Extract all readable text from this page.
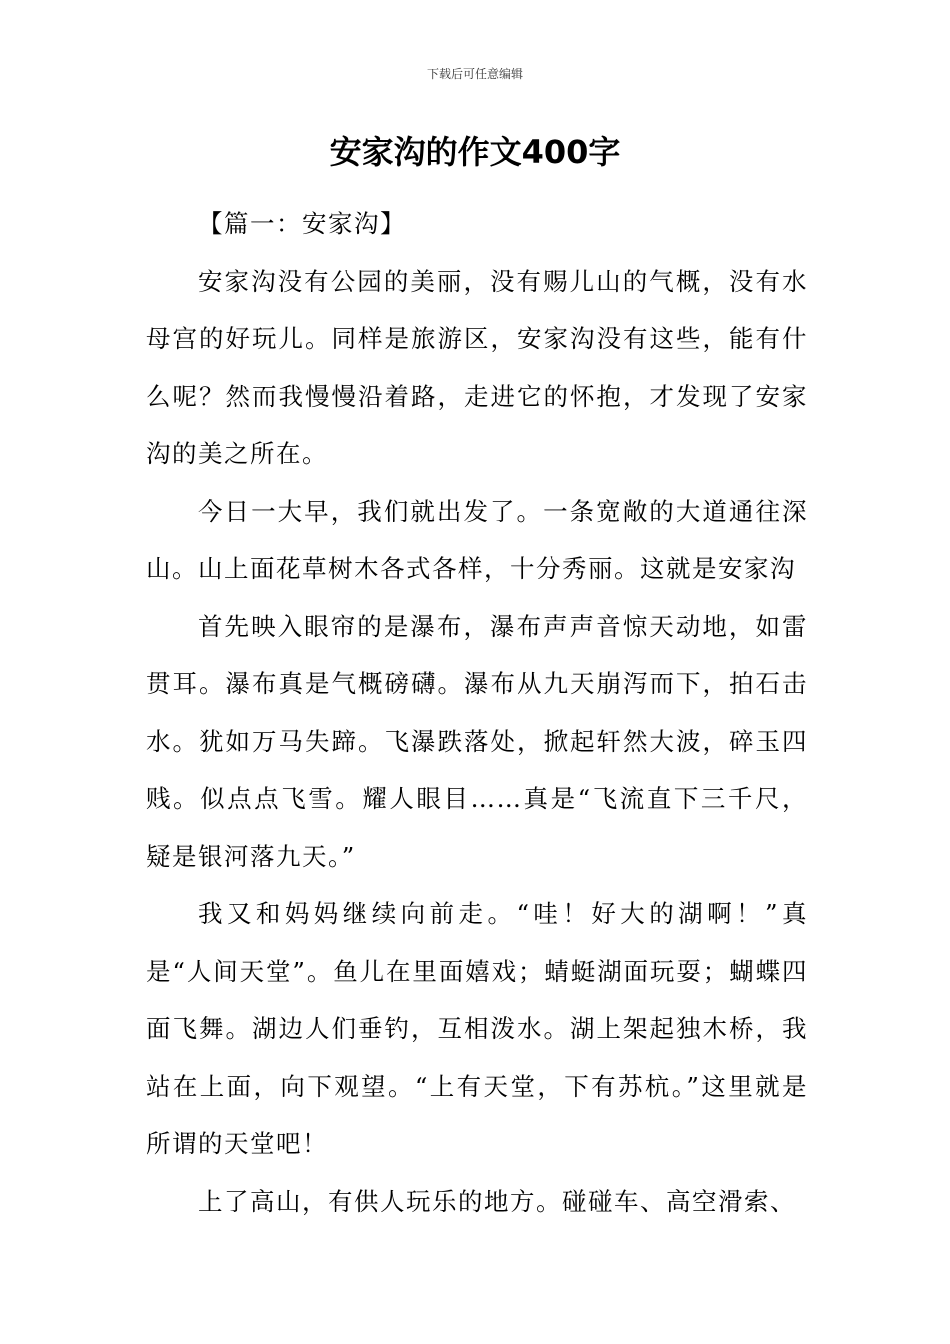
下载后可任意编辑
安家沟的作文400字

【篇一：安家沟】

安家沟没有公园的美丽，没有赐儿山的气概，没有水母宫的好玩儿。同样是旅游区，安家沟没有这些，能有什么呢？然而我慢慢沿着路，走进它的怀抱，才发现了安家沟的美之所在。

今日一大早，我们就出发了。一条宽敞的大道通往深山。山上面花草树木各式各样，十分秀丽。这就是安家沟

首先映入眼帘的是瀑布，瀑布声声音惊天动地，如雷贯耳。瀑布真是气概磅礴。瀑布从九天崩泻而下，拍石击水。犹如万马失蹄。飞瀑跌落处，掀起轩然大波，碎玉四贱。似点点飞雪。耀人眼目……真是“飞流直下三千尺，疑是银河落九天。”

我又和妈妈继续向前走。“哇！好大的湖啊！”真是“人间天堂”。鱼儿在里面嬉戏；蜻蜓湖面玩耍；蝴蝶四面飞舞。湖边人们垂钓，互相泼水。湖上架起独木桥，我站在上面，向下观望。“上有天堂，下有苏杭。”这里就是所谓的天堂吧！

上了高山，有供人玩乐的地方。碰碰车、高空滑索、
